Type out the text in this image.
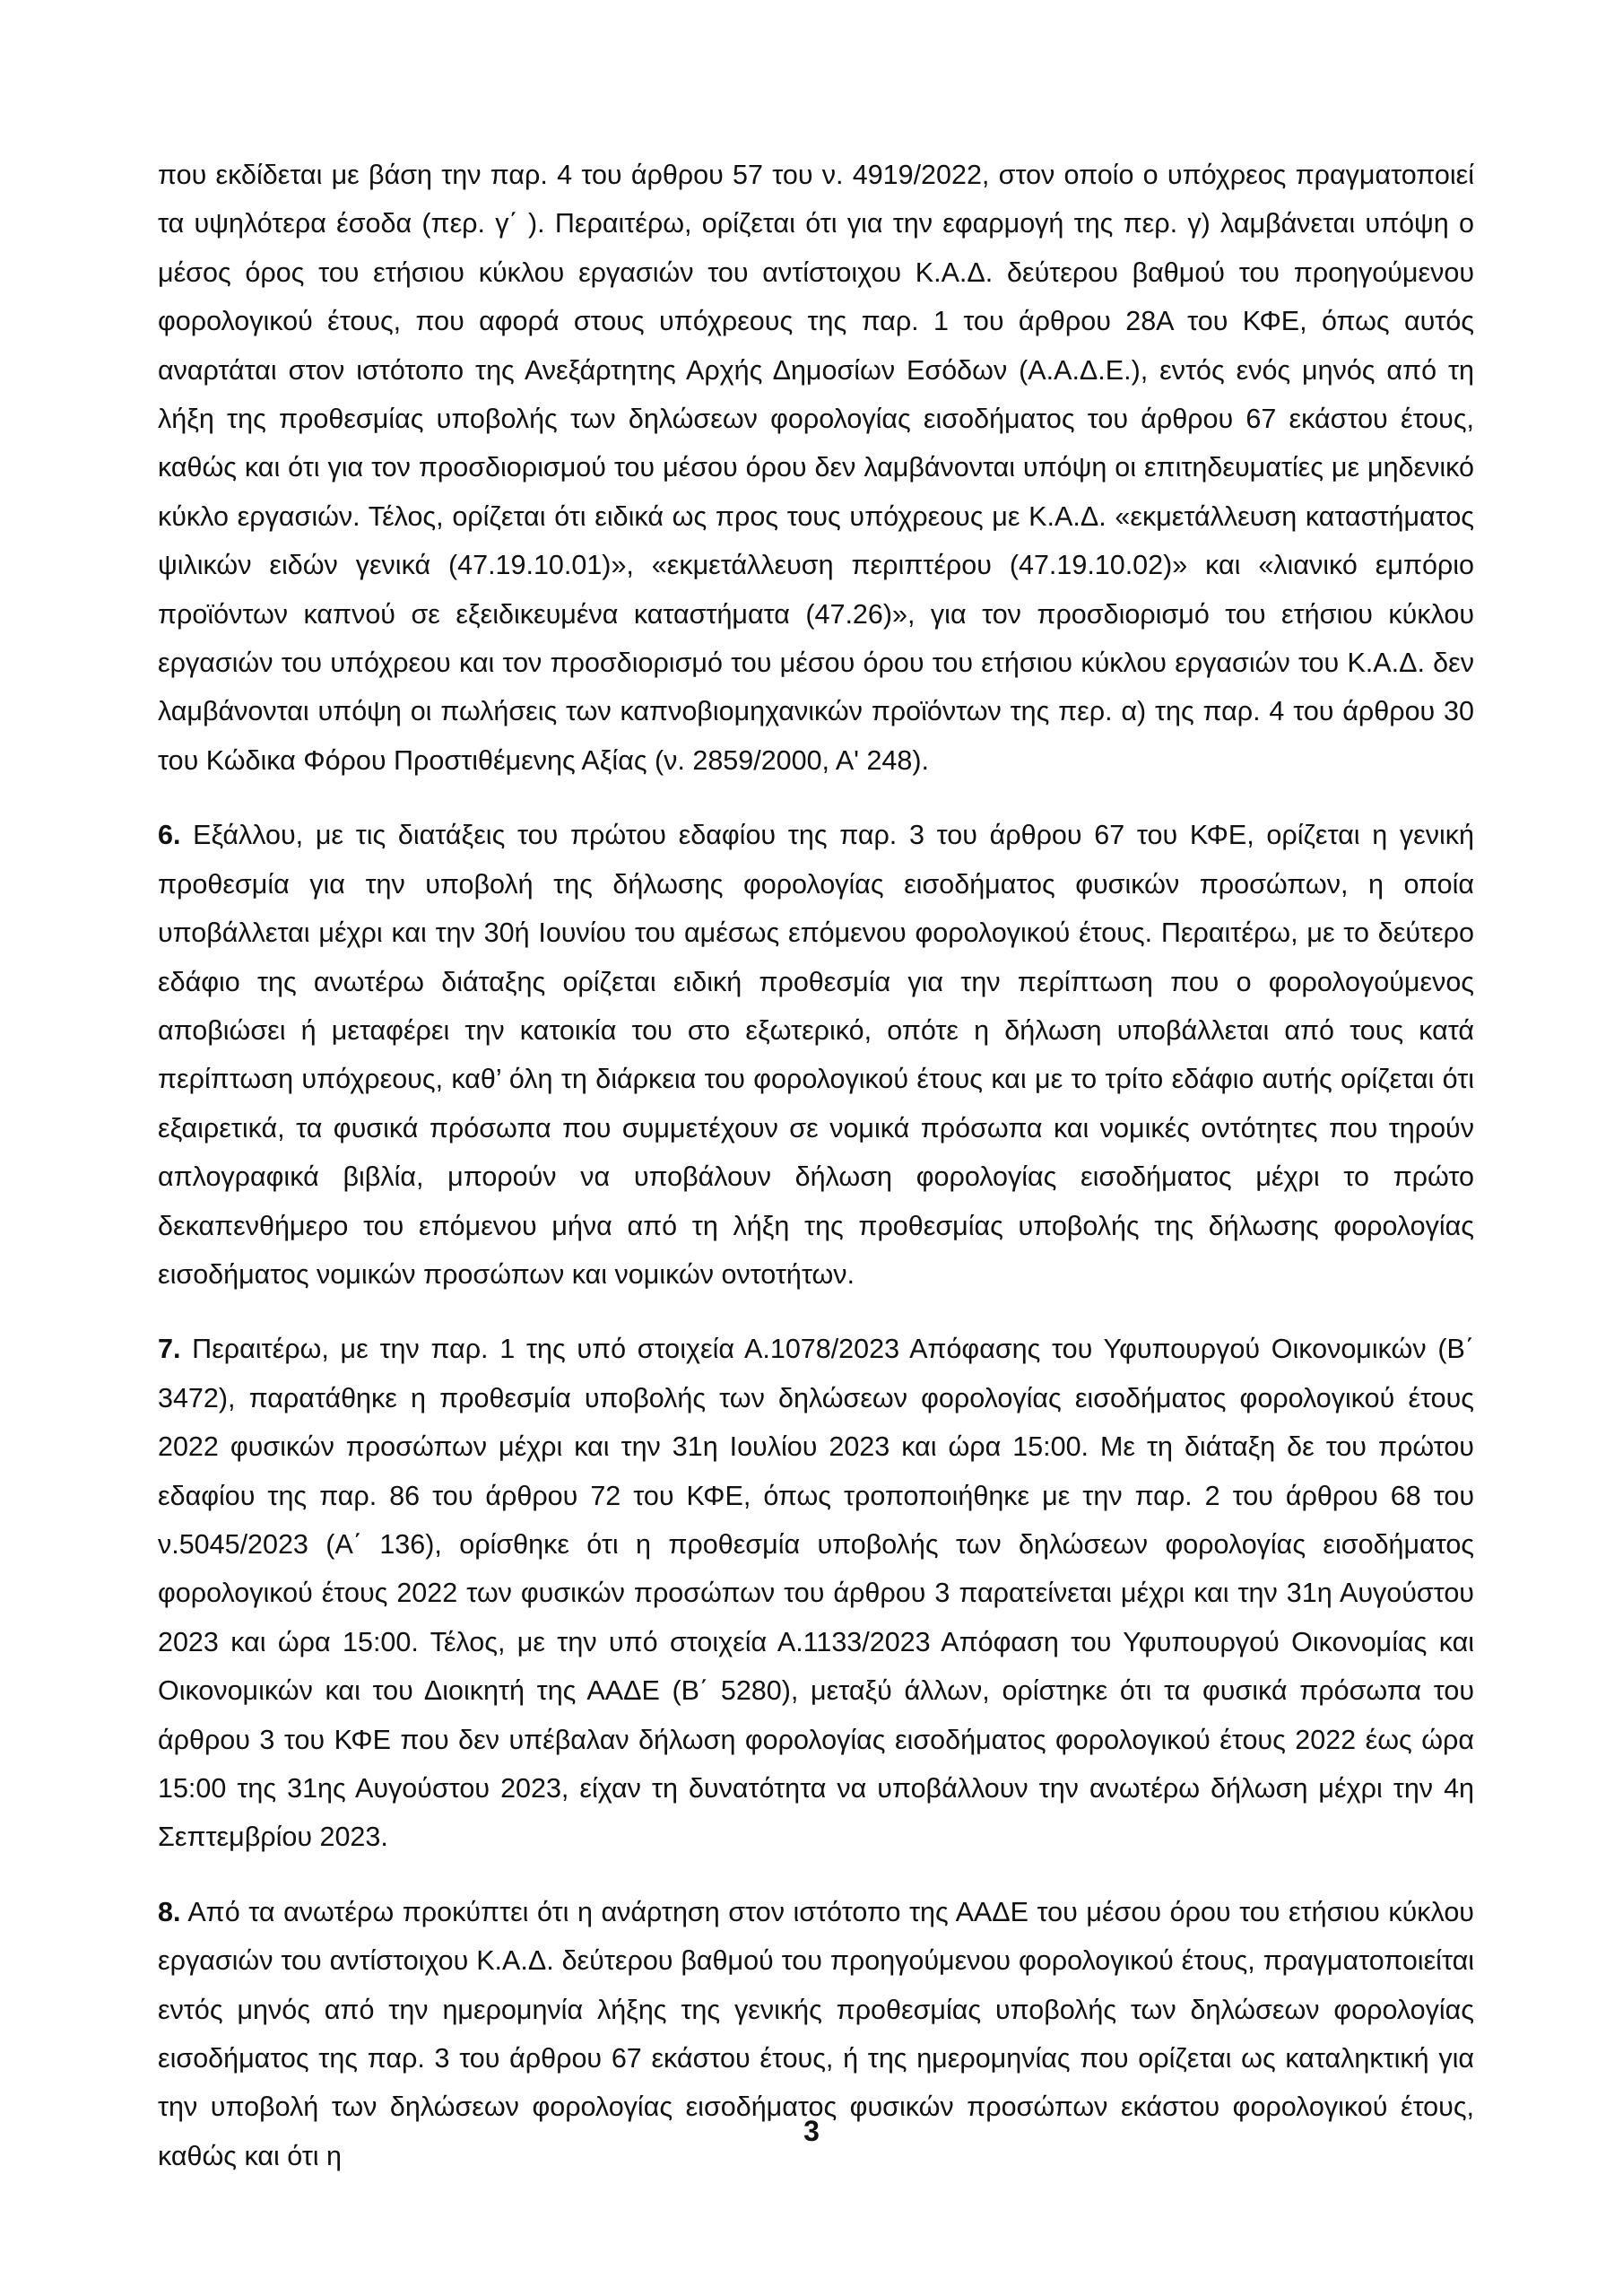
που εκδίδεται με βάση την παρ. 4 του άρθρου 57 του ν. 4919/2022, στον οποίο ο υπόχρεος πραγματοποιεί τα υψηλότερα έσοδα (περ. γ΄ ). Περαιτέρω, ορίζεται ότι για την εφαρμογή της περ. γ) λαμβάνεται υπόψη ο μέσος όρος του ετήσιου κύκλου εργασιών του αντίστοιχου Κ.Α.Δ. δεύτερου βαθμού του προηγούμενου φορολογικού έτους, που αφορά στους υπόχρεους της παρ. 1 του άρθρου 28Α του ΚΦΕ, όπως αυτός αναρτάται στον ιστότοπο της Ανεξάρτητης Αρχής Δημοσίων Εσόδων (Α.Α.Δ.Ε.), εντός ενός μηνός από τη λήξη της προθεσμίας υποβολής των δηλώσεων φορολογίας εισοδήματος του άρθρου 67 εκάστου έτους, καθώς και ότι για τον προσδιορισμού του μέσου όρου δεν λαμβάνονται υπόψη οι επιτηδευματίες με μηδενικό κύκλο εργασιών. Τέλος, ορίζεται ότι ειδικά ως προς τους υπόχρεους με Κ.Α.Δ. «εκμετάλλευση καταστήματος ψιλικών ειδών γενικά (47.19.10.01)», «εκμετάλλευση περιπτέρου (47.19.10.02)» και «λιανικό εμπόριο προϊόντων καπνού σε εξειδικευμένα καταστήματα (47.26)», για τον προσδιορισμό του ετήσιου κύκλου εργασιών του υπόχρεου και τον προσδιορισμό του μέσου όρου του ετήσιου κύκλου εργασιών του Κ.Α.Δ. δεν λαμβάνονται υπόψη οι πωλήσεις των καπνοβιομηχανικών προϊόντων της περ. α) της παρ. 4 του άρθρου 30 του Κώδικα Φόρου Προστιθέμενης Αξίας (ν. 2859/2000, Α' 248).

6. Εξάλλου, με τις διατάξεις του πρώτου εδαφίου της παρ. 3 του άρθρου 67 του ΚΦΕ, ορίζεται η γενική προθεσμία για την υποβολή της δήλωσης φορολογίας εισοδήματος φυσικών προσώπων, η οποία υποβάλλεται μέχρι και την 30ή Ιουνίου του αμέσως επόμενου φορολογικού έτους. Περαιτέρω, με το δεύτερο εδάφιο της ανωτέρω διάταξης ορίζεται ειδική προθεσμία για την περίπτωση που ο φορολογούμενος αποβιώσει ή μεταφέρει την κατοικία του στο εξωτερικό, οπότε η δήλωση υποβάλλεται από τους κατά περίπτωση υπόχρεους, καθ’ όλη τη διάρκεια του φορολογικού έτους και με το τρίτο εδάφιο αυτής ορίζεται ότι εξαιρετικά, τα φυσικά πρόσωπα που συμμετέχουν σε νομικά πρόσωπα και νομικές οντότητες που τηρούν απλογραφικά βιβλία, μπορούν να υποβάλουν δήλωση φορολογίας εισοδήματος μέχρι το πρώτο δεκαπενθήμερο του επόμενου μήνα από τη λήξη της προθεσμίας υποβολής της δήλωσης φορολογίας εισοδήματος νομικών προσώπων και νομικών οντοτήτων.

7. Περαιτέρω, με την παρ. 1 της υπό στοιχεία Α.1078/2023 Απόφασης του Υφυπουργού Οικονομικών (Β΄ 3472), παρατάθηκε η προθεσμία υποβολής των δηλώσεων φορολογίας εισοδήματος φορολογικού έτους 2022 φυσικών προσώπων μέχρι και την 31η Ιουλίου 2023 και ώρα 15:00. Με τη διάταξη δε του πρώτου εδαφίου της παρ. 86 του άρθρου 72 του ΚΦΕ, όπως τροποποιήθηκε με την παρ. 2 του άρθρου 68 του ν.5045/2023 (Α΄ 136), ορίσθηκε ότι η προθεσμία υποβολής των δηλώσεων φορολογίας εισοδήματος φορολογικού έτους 2022 των φυσικών προσώπων του άρθρου 3 παρατείνεται μέχρι και την 31η Αυγούστου 2023 και ώρα 15:00. Τέλος, με την υπό στοιχεία Α.1133/2023 Απόφαση του Υφυπουργού Οικονομίας και Οικονομικών και του Διοικητή της ΑΑΔΕ (Β΄ 5280), μεταξύ άλλων, ορίστηκε ότι τα φυσικά πρόσωπα του άρθρου 3 του ΚΦΕ που δεν υπέβαλαν δήλωση φορολογίας εισοδήματος φορολογικού έτους 2022 έως ώρα 15:00 της 31ης Αυγούστου 2023, είχαν τη δυνατότητα να υποβάλλουν την ανωτέρω δήλωση μέχρι την 4η Σεπτεμβρίου 2023.

8. Από τα ανωτέρω προκύπτει ότι η ανάρτηση στον ιστότοπο της ΑΑΔΕ του μέσου όρου του ετήσιου κύκλου εργασιών του αντίστοιχου Κ.Α.Δ. δεύτερου βαθμού του προηγούμενου φορολογικού έτους, πραγματοποιείται εντός μηνός από την ημερομηνία λήξης της γενικής προθεσμίας υποβολής των δηλώσεων φορολογίας εισοδήματος της παρ. 3 του άρθρου 67 εκάστου έτους, ή της ημερομηνίας που ορίζεται ως καταληκτική για την υποβολή των δηλώσεων φορολογίας εισοδήματος φυσικών προσώπων εκάστου φορολογικού έτους, καθώς και ότι η

3
